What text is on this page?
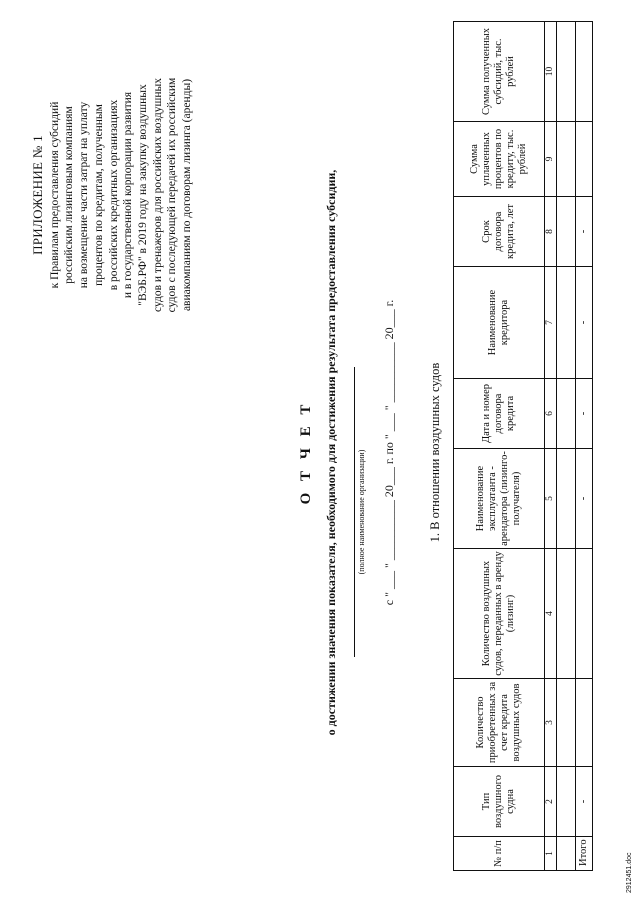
ПРИЛОЖЕНИЕ № 1 к Правилам предоставления субсидий российским лизинговым компаниям на возмещение части затрат на уплату процентов по кредитам, полученным в российских кредитных организациях и в государственной корпорации развития "ВЭБ.РФ" в 2019 году на закупку воздушных судов и тренажеров для российских воздушных судов с последующей передачей их российским авиакомпаниям по договорам лизинга (аренды)
О Т Ч Е Т о достижении значения показателя, необходимого для достижения результата предоставления субсидии, (полное наименование организации) с " ___ " __________ 20___ г. по " ___ " __________ 20___ г.	1. В отношении воздушных судов
№ п/п	Тип воздушного судна	Количество приобретенных за счет кредита воздушных судов	Количество воздушных судов, переданных в аренду (лизинг)	Наименование эксплуатанта - арендатора (лизинго-получателя)	Дата и номер договора кредита	Наименование кредитора	Срок договора кредита, лет	Сумма уплаченных процентов по кредиту, тыс. рублей	Сумма полученных субсидий, тыс. рублей
1	2	3	4	5	6	7	8	9	10

Итого	-			-	-	-	-		
2912451.doc
